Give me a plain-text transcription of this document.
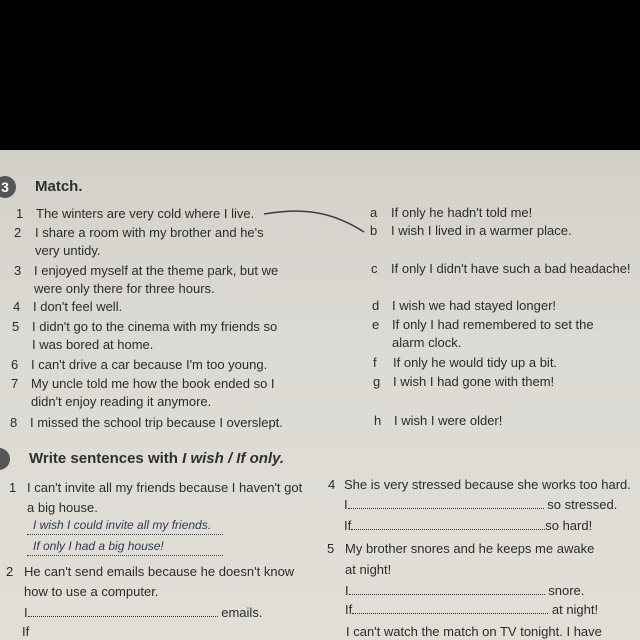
3 Match.
1 The winters are very cold where I live.
2 I share a room with my brother and he's
very untidy.
3 I enjoyed myself at the theme park, but we
were only there for three hours.
4 I don't feel well.
5 I didn't go to the cinema with my friends so
I was bored at home.
6 I can't drive a car because I'm too young.
7 My uncle told me how the book ended so I
didn't enjoy reading it anymore.
8 I missed the school trip because I overslept.
a If only he hadn't told me!
b I wish I lived in a warmer place.
c If only I didn't have such a bad headache!
d I wish we had stayed longer!
e If only I had remembered to set the
alarm clock.
f If only he would tidy up a bit.
g I wish I had gone with them!
h I wish I were older!
Write sentences with I wish / If only.
1 I can't invite all my friends because I haven't got
a big house.
I wish I could invite all my friends.
If only I had a big house!
2 He can't send emails because he doesn't know
how to use a computer.
I	emails.
If
4 She is very stressed because she works too hard.
I	so stressed.
If	so hard!
5 My brother snores and he keeps me awake
at night!
I	snore.
If	at night!
I can't watch the match on TV tonight. I have
